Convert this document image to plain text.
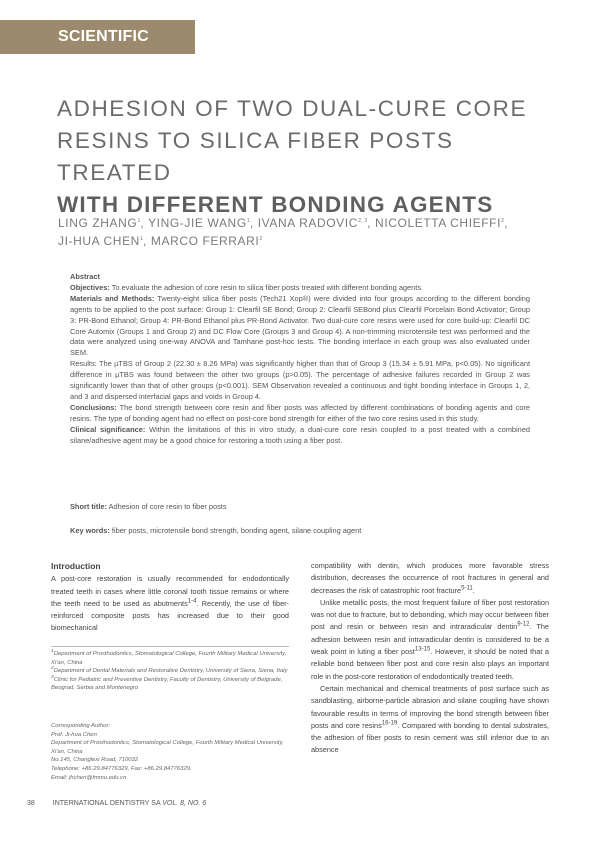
SCIENTIFIC
ADHESION OF TWO DUAL-CURE CORE
RESINS TO SILICA FIBER POSTS TREATED
WITH DIFFERENT BONDING AGENTS
LING ZHANG$^1$, YING-JIE WANG$^1$, IVANA RADOVIC$^{2, 3}$, NICOLETTA CHIEFFI$^2$,
JI-HUA CHEN$^1$, MARCO FERRARI$^2$

Abstract

Objectives: To evaluate the adhesion of core resin to silica fiber posts treated with different bonding agents.

Materials and Methods: Twenty-eight silica fiber posts (Tech21 Xop®) were divided into four groups according to the different bonding agents to be applied to the post surface: Group 1: Clearfil SE Bond; Group 2: Clearfil SEBond plus Clearfil Porcelain Bond Activator; Group 3: PR-Bond Ethanol; Group 4: PR-Bond Ethanol plus PR-Bond Activator. Two dual-cure core resins were used for core build-up: Clearfil DC Core Automix (Groups 1 and Group 2) and DC Flow Core (Groups 3 and Group 4). A non-trimming microtensile test was performed and the data were analyzed using one-way ANOVA and Tamhane post-hoc tests. The bonding interface in each group was also evaluated under SEM.

Results: The µTBS of Group 2 (22.30 ± 8.26 MPa) was significantly higher than that of Group 3 (15.34 ± 5.91 MPa, p<0.05). No significant difference in µTBS was found between the other two groups (p>0.05). The percentage of adhesive failures recorded in Group 2 was significantly lower than that of other groups (p<0.001). SEM Observation revealed a continuous and tight bonding interface in Groups 1, 2, and 3 and dispersed interfacial gaps and voids in Group 4.

Conclusions: The bond strength between core resin and fiber posts was affected by different combinations of bonding agents and core resins. The type of bonding agent had no effect on post-core bond strength for either of the two core resins used in this study.

Clinical significance: Within the limitations of this in vitro study, a dual-cure core resin coupled to a post treated with a combined silane/adhesive agent may be a good choice for restoring a tooth using a fiber post.

Short title: Adhesion of core resin to fiber posts
Key words: fiber posts, microtensile bond strength, bonding agent, silane coupling agent

Introduction

A post-core restoration is usually recommended for endodontically treated teeth in cases where little coronal tooth tissue remains or where the teeth need to be used as abutments$^{1-4}$. Recently, the use of fiber-reinforced composite posts has increased due to their good biomechanical

$^1$Department of Prosthodontics, Stomatological College, Fourth Military Medical University, Xi'an, China

$^2$Department of Dental Materials and Restorative Dentistry, University of Siena, Siena, Italy

$^3$Clinic for Pediatric and Preventive Dentistry, Faculty of Dentistry, University of Belgrade, Beograd, Serbia and Montenegro

Corresponding Author:

Prof. Ji-hua Chen

Department of Prosthodontics, Stomatological College, Fourth Military Medical University, Xi'an, China

No.145, Changlexi Road, 710032

Telephone: +86.29.84776329, Fax: +86.29.84776329,

Email: jhchen@fmmu.edu.cn

compatibility with dentin, which produces more favorable stress distribution, decreases the occurrence of root fractures in general and decreases the risk of catastrophic root fracture$^{5-11}$.

Unlike metallic posts, the most frequent failure of fiber post restoration was not due to fracture, but to debonding, which may occur between fiber post and resin or between resin and intraradicular dentin$^{9-12}$. The adhesion between resin and intraradicular dentin is considered to be a weak point in luting a fiber post$^{13-15}$. However, it should be noted that a reliable bond between fiber post and core resin also plays an important role in the post-core restoration of endodontically treated teeth.

Certain mechanical and chemical treatments of post surface such as sandblasting, airborne-particle abrasion and silane coupling have shown favourable results in terms of improving the bond strength between fiber posts and core resins$^{16-19}$. Compared with bonding to dental substrates, the adhesion of fiber posts to resin cement was still inferior due to an absence

38	INTERNATIONAL DENTISTRY SA VOL. 8, NO. 6
